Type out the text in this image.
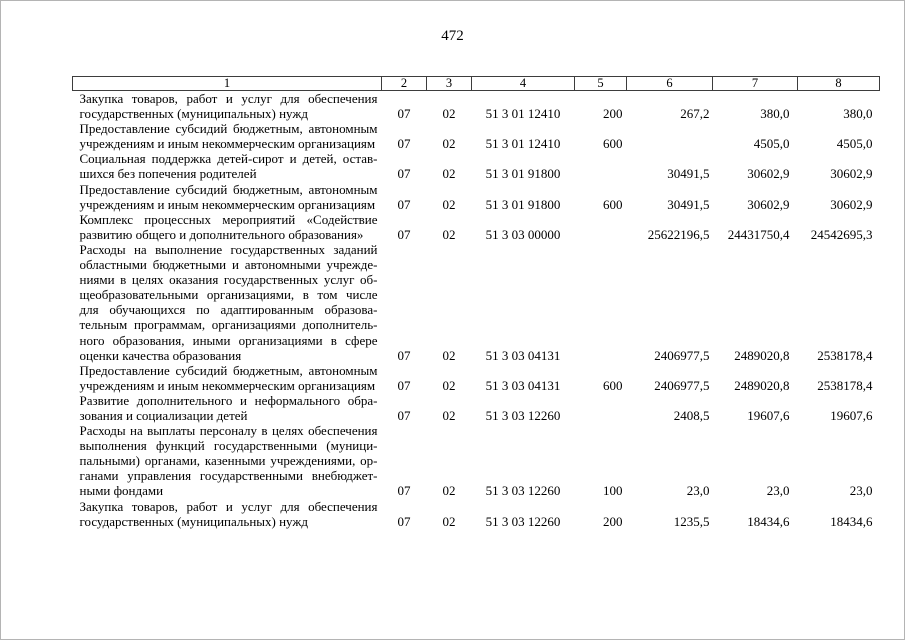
472
1	2	3	4	5	6	7	8
Закупка товаров, работ и услуг для обеспечения государственных (муниципальных) нужд	07	02	51 3 01 12410	200	267,2	380,0	380,0
Предоставление субсидий бюджетным, автономным учреждениям и иным некоммерческим организациям	07	02	51 3 01 12410	600		4505,0	4505,0
Социальная поддержка детей-сирот и детей, оставшихся без попечения родителей	07	02	51 3 01 91800		30491,5	30602,9	30602,9
Предоставление субсидий бюджетным, автономным учреждениям и иным некоммерческим организациям	07	02	51 3 01 91800	600	30491,5	30602,9	30602,9
Комплекс процессных мероприятий «Содействие развитию общего и дополнительного образования»	07	02	51 3 03 00000		25622196,5	24431750,4	24542695,3
Расходы на выполнение государственных заданий областными бюджетными и автономными учреждениями в целях оказания государственных услуг общеобразовательными организациями, в том числе для обучающихся по адаптированным образовательным программам, организациями дополнительного образования, иными организациями в сфере оценки качества образования	07	02	51 3 03 04131		2406977,5	2489020,8	2538178,4
Предоставление субсидий бюджетным, автономным учреждениям и иным некоммерческим организациям	07	02	51 3 03 04131	600	2406977,5	2489020,8	2538178,4
Развитие дополнительного и неформального образования и социализации детей	07	02	51 3 03 12260		2408,5	19607,6	19607,6
Расходы на выплаты персоналу в целях обеспечения выполнения функций государственными (муниципальными) органами, казенными учреждениями, органами управления государственными внебюджетными фондами	07	02	51 3 03 12260	100	23,0	23,0	23,0
Закупка товаров, работ и услуг для обеспечения государственных (муниципальных) нужд	07	02	51 3 03 12260	200	1235,5	18434,6	18434,6
